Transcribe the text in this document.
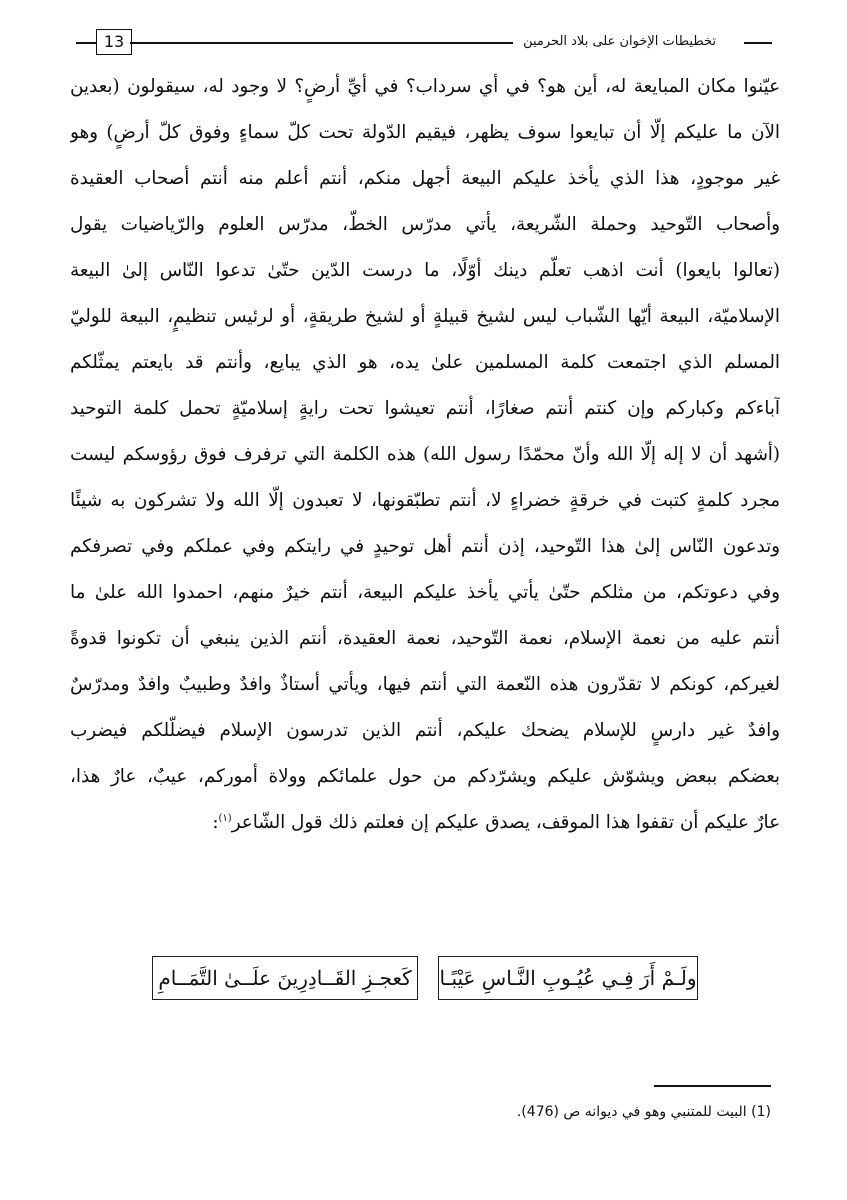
تخطيطات الإخوان على بلاد الحرمين
13
عيّنوا مكان المبايعة له، أين هو؟ في أي سرداب؟ في أيِّ أرضٍ؟ لا وجود له، سيقولون (بعدين
الآن ما عليكم إلّا أن تبايعوا سوف يظهر، فيقيم الدّولة تحت كلّ سماءٍ وفوق كلّ أرضٍ) وهو
غير موجودٍ، هذا الذي يأخذ عليكم البيعة أجهل منكم، أنتم أعلم منه أنتم أصحاب العقيدة
وأصحاب التّوحيد وحملة الشّريعة، يأتي مدرّس الخطّ، مدرّس العلوم والرّياضيات يقول
(تعالوا بايعوا) أنت اذهب تعلّم دينك أوّلًا، ما درست الدّين حتّىٰ تدعوا النّاس إلىٰ البيعة
الإسلاميّة، البيعة أيّها الشّباب ليس لشيخ قبيلةٍ أو لشيخ طريقةٍ، أو لرئيس تنظيمٍ، البيعة للوليّ
المسلم الذي اجتمعت كلمة المسلمين علىٰ يده، هو الذي يبايع، وأنتم قد بايعتم يمثّلكم
آباءكم وكباركم وإن كنتم أنتم صغارًا، أنتم تعيشوا تحت رايةٍ إسلاميّةٍ تحمل كلمة التوحيد
(أشهد أن لا إله إلّا الله وأنّ محمّدًا رسول الله) هذه الكلمة التي ترفرف فوق رؤوسكم ليست
مجرد كلمةٍ كتبت في خرقةٍ خضراءٍ لا، أنتم تطبّقونها، لا تعبدون إلّا الله ولا تشركون به شيئًا
وتدعون النّاس إلىٰ هذا التّوحيد، إذن أنتم أهل توحيدٍ في رايتكم وفي عملكم وفي تصرفكم
وفي دعوتكم، من مثلكم حتّىٰ يأتي يأخذ عليكم البيعة، أنتم خيرٌ منهم، احمدوا الله علىٰ ما
أنتم عليه من نعمة الإسلام، نعمة التّوحيد، نعمة العقيدة، أنتم الذين ينبغي أن تكونوا قدوةً
لغيركم، كونكم لا تقدّرون هذه النّعمة التي أنتم فيها، ويأتي أستاذٌ وافدٌ وطبيبٌ وافدٌ ومدرّسٌ
وافدٌ غير دارسٍ للإسلام يضحك عليكم، أنتم الذين تدرسون الإسلام فيضلّلكم فيضرب
بعضكم ببعض ويشوّش عليكم ويشرّدكم من حول علمائكم وولاة أموركم، عيبٌ، عارٌ هذا،
عارٌ عليكم أن تقفوا هذا الموقف، يصدق عليكم إن فعلتم ذلك قول الشّاعر$^{(١)}$:
ولَـمْ أَرَ فِـي عُيُـوبِ النَّـاسِ عَيْبًـا
كَعجـزِ القَــادِرِينَ علَــىٰ التَّمَــامِ
(1) البيت للمتنبي وهو في ديوانه ص (476).
